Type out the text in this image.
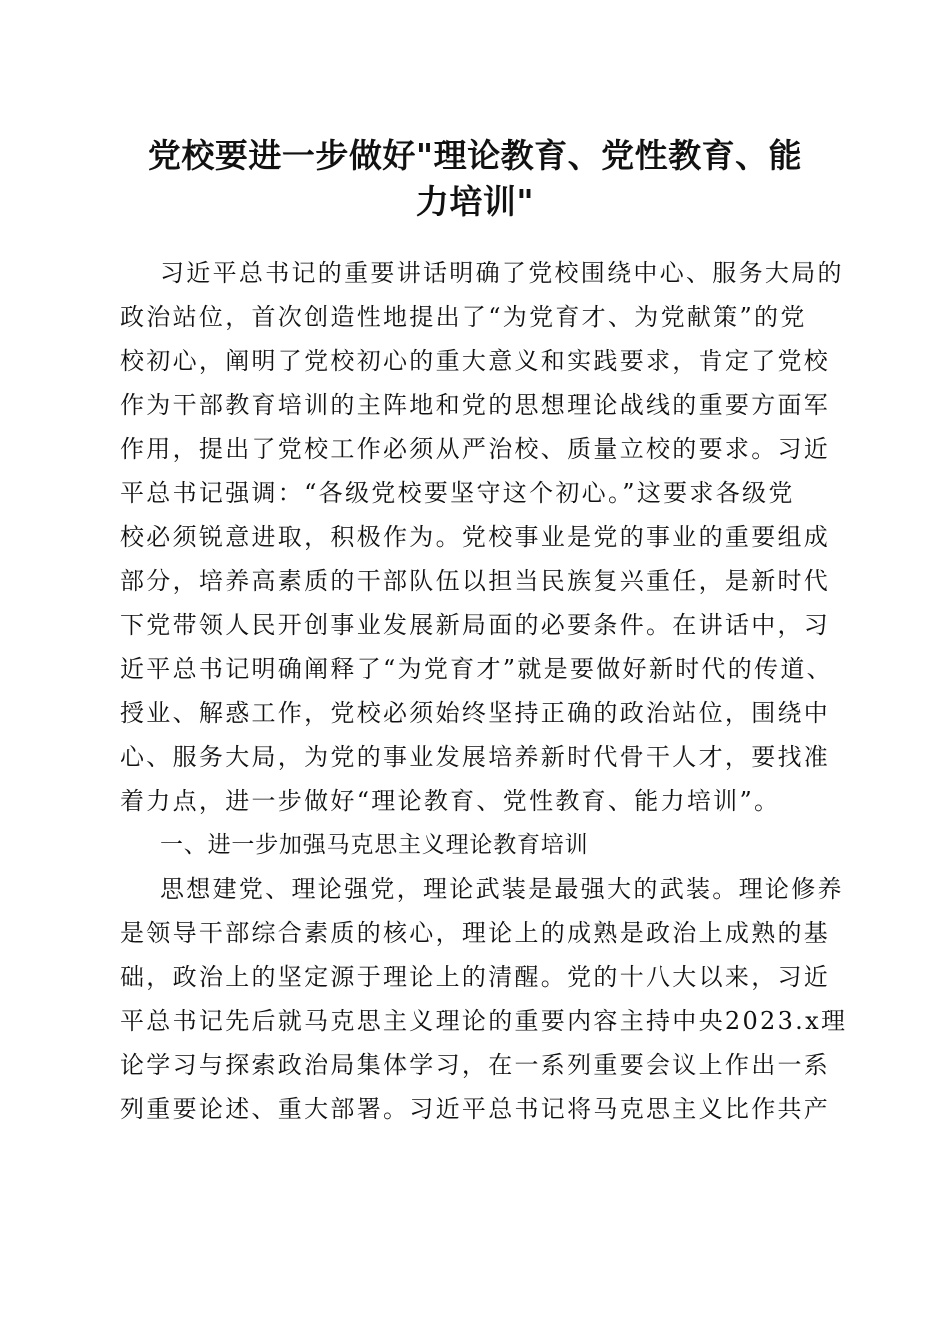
党校要进一步做好"理论教育、党性教育、能
力培训"
习近平总书记的重要讲话明确了党校围绕中心、服务大局的
政治站位，首次创造性地提出了“为党育才、为党献策”的党
校初心，阐明了党校初心的重大意义和实践要求，肯定了党校
作为干部教育培训的主阵地和党的思想理论战线的重要方面军
作用，提出了党校工作必须从严治校、质量立校的要求。习近
平总书记强调：“各级党校要坚守这个初心。”这要求各级党
校必须锐意进取，积极作为。党校事业是党的事业的重要组成
部分，培养高素质的干部队伍以担当民族复兴重任，是新时代
下党带领人民开创事业发展新局面的必要条件。在讲话中，习
近平总书记明确阐释了“为党育才”就是要做好新时代的传道、
授业、解惑工作，党校必须始终坚持正确的政治站位，围绕中
心、服务大局，为党的事业发展培养新时代骨干人才，要找准
着力点，进一步做好“理论教育、党性教育、能力培训”。
一、进一步加强马克思主义理论教育培训
思想建党、理论强党，理论武装是最强大的武装。理论修养
是领导干部综合素质的核心，理论上的成熟是政治上成熟的基
础，政治上的坚定源于理论上的清醒。党的十八大以来，习近
平总书记先后就马克思主义理论的重要内容主持中央2023.x理
论学习与探索政治局集体学习，在一系列重要会议上作出一系
列重要论述、重大部署。习近平总书记将马克思主义比作共产
